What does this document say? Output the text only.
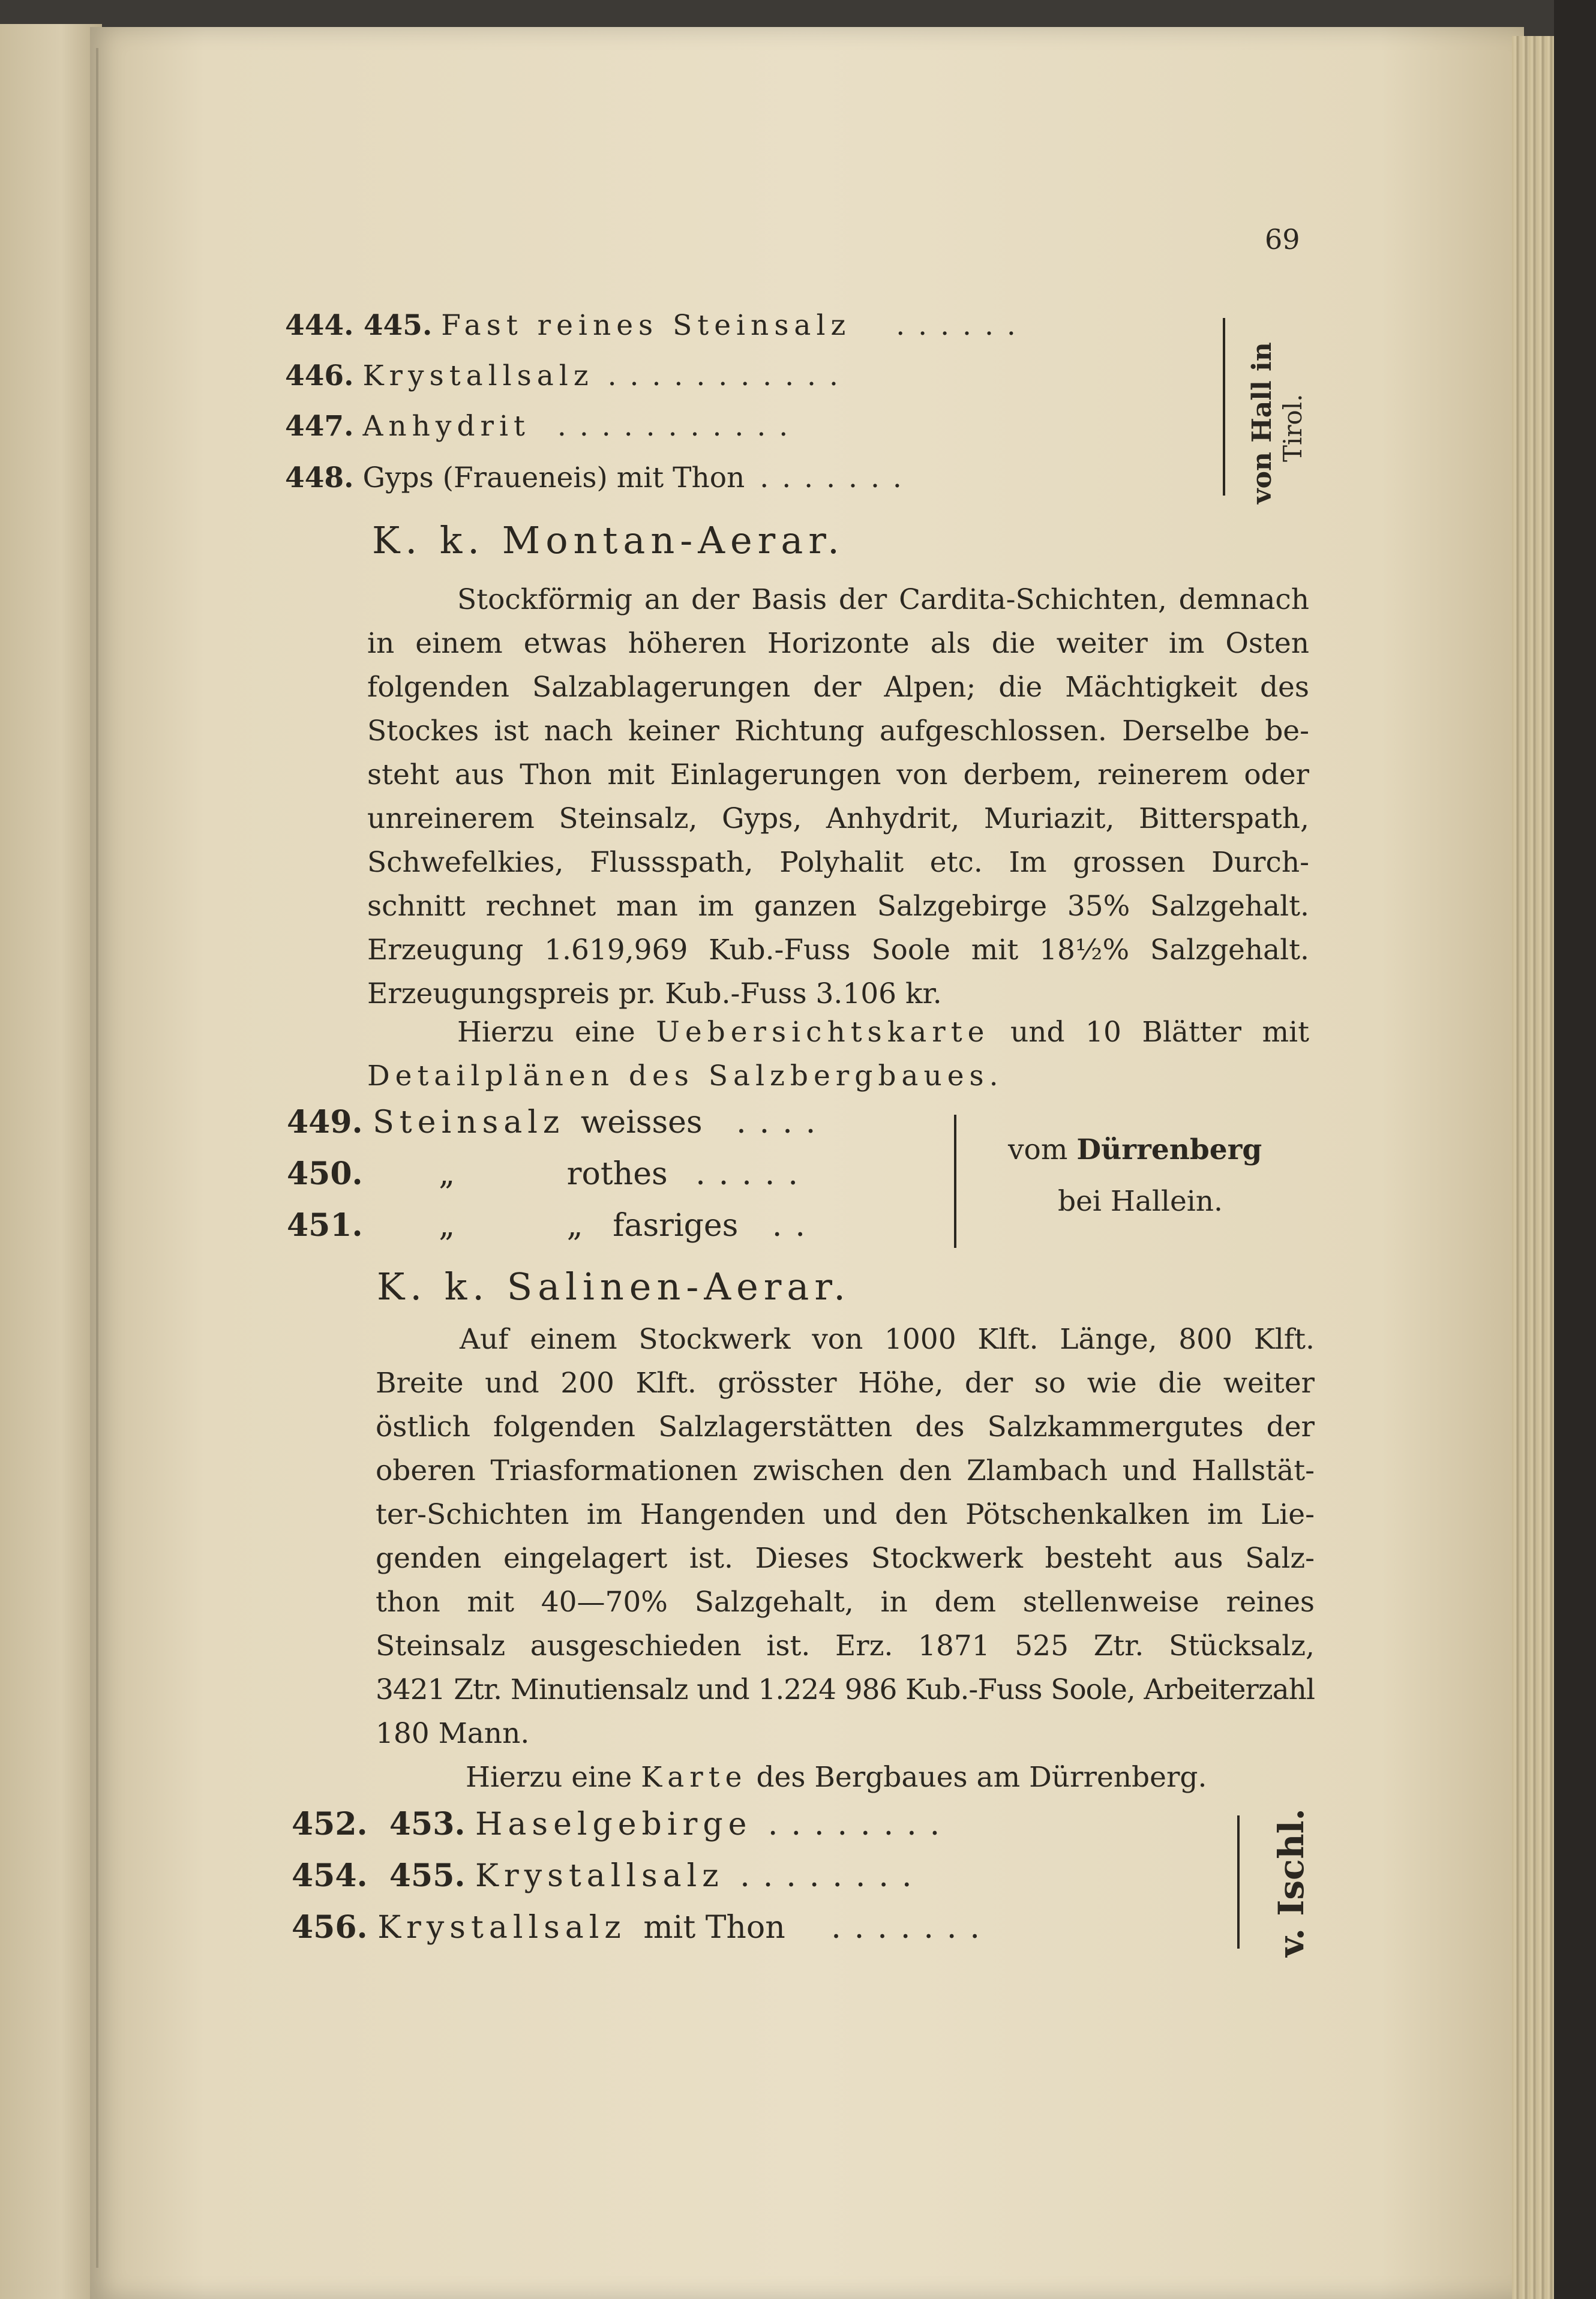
69
444. 445. Fast reines Steinsalz ......
446. Krystallsalz ...........
447. Anhydrit ...........
448. Gyps (Fraueneis) mit Thon .......	von Hall in Tirol.
K. k. Montan-Aerar.
Stockförmig an der Basis der Cardita-Schichten, demnach
in einem etwas höheren Horizonte als die weiter im Osten
folgenden Salzablagerungen der Alpen; die Mächtigkeit des
Stockes ist nach keiner Richtung aufgeschlossen. Derselbe be-
steht aus Thon mit Einlagerungen von derbem, reinerem oder
unreinerem Steinsalz, Gyps, Anhydrit, Muriazit, Bitterspath,
Schwefelkies, Flussspath, Polyhalit etc. Im grossen Durch-
schnitt rechnet man im ganzen Salzgebirge 35% Salzgehalt.
Erzeugung 1.619,969 Kub.-Fuss Soole mit 18½% Salzgehalt.
Erzeugungspreis pr. Kub.-Fuss 3.106 kr.
Hierzu eine Uebersichtskarte und 10 Blätter mit
Detailplänen des Salzbergbaues.
449. Steinsalz weisses ....
450. „	rothes .....
451. „	„   fasriges ..
vom Dürrenberg
bei Hallein.
K. k. Salinen-Aerar.
Auf einem Stockwerk von 1000 Klft. Länge, 800 Klft.
Breite und 200 Klft. grösster Höhe, der so wie die weiter
östlich folgenden Salzlagerstätten des Salzkammergutes der
oberen Triasformationen zwischen den Zlambach und Hallstät-
ter-Schichten im Hangenden und den Pötschenkalken im Lie-
genden eingelagert ist. Dieses Stockwerk besteht aus Salz-
thon mit 40—70% Salzgehalt, in dem stellenweise reines
Steinsalz ausgeschieden ist. Erz. 1871 525 Ztr. Stücksalz,
3421 Ztr. Minutiensalz und 1.224 986 Kub.-Fuss Soole, Arbeiterzahl
180 Mann.
Hierzu eine Karte des Bergbaues am Dürrenberg.
452.  453. Haselgebirge ........
454.  455. Krystallsalz ........
456. Krystallsalz mit Thon .......	v. Ischl.
